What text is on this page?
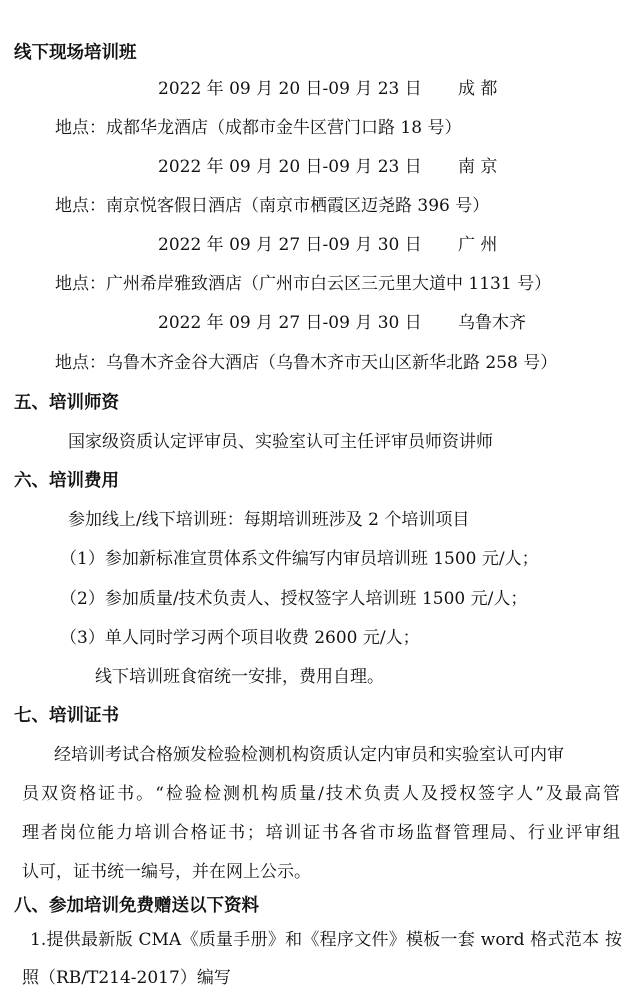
线下现场培训班
2022 年 09 月 20 日-09 月 23 日 成 都
地点：成都华龙酒店（成都市金牛区营门口路 18 号）
2022 年 09 月 20 日-09 月 23 日 南 京
地点：南京悦客假日酒店（南京市栖霞区迈尧路 396 号）
2022 年 09 月 27 日-09 月 30 日 广 州
地点：广州希岸雅致酒店（广州市白云区三元里大道中 1131 号）
2022 年 09 月 27 日-09 月 30 日 乌鲁木齐
地点：乌鲁木齐金谷大酒店（乌鲁木齐市天山区新华北路 258 号）
五、培训师资
国家级资质认定评审员、实验室认可主任评审员师资讲师
六、培训费用
参加线上/线下培训班：每期培训班涉及 2 个培训项目
（1）参加新标准宣贯体系文件编写内审员培训班 1500 元/人；
（2）参加质量/技术负责人、授权签字人培训班 1500 元/人；
（3）单人同时学习两个项目收费 2600 元/人；
线下培训班食宿统一安排，费用自理。
七、培训证书
经培训考试合格颁发检验检测机构资质认定内审员和实验室认可内审
员双资格证书。“检验检测机构质量/技术负责人及授权签字人”及最高管
理者岗位能力培训合格证书；培训证书各省市场监督管理局、行业评审组
认可，证书统一编号，并在网上公示。
八、参加培训免费赠送以下资料
1.提供最新版 CMA《质量手册》和《程序文件》模板一套 word 格式范本 按
照（RB/T214-2017）编写
